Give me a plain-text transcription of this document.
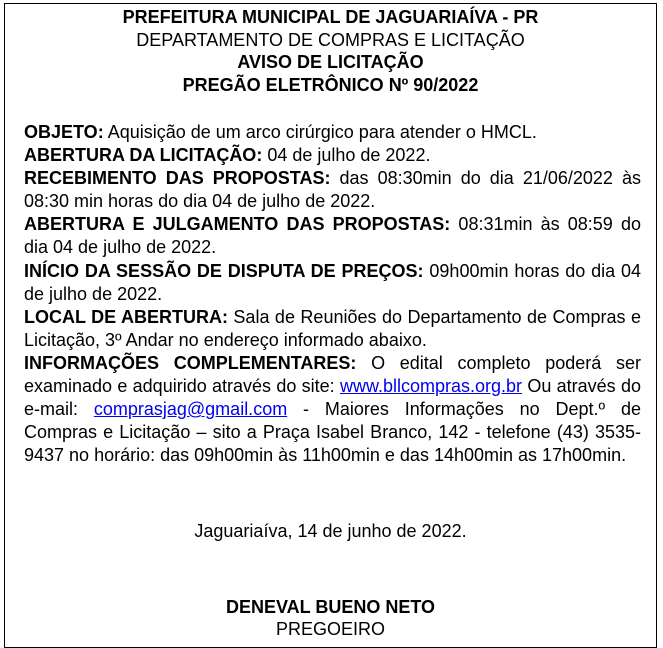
PREFEITURA MUNICIPAL DE JAGUARIAÍVA - PR
DEPARTAMENTO DE COMPRAS E LICITAÇÃO
AVISO DE LICITAÇÃO
PREGÃO ELETRÔNICO Nº 90/2022

OBJETO: Aquisição de um arco cirúrgico para atender o HMCL.

ABERTURA DA LICITAÇÃO: 04 de julho de 2022.

RECEBIMENTO DAS PROPOSTAS: das 08:30min do dia 21/06/2022 às 08:30 min horas do dia 04 de julho de 2022.

ABERTURA E JULGAMENTO DAS PROPOSTAS: 08:31min às 08:59 do dia 04 de julho de 2022.

INÍCIO DA SESSÃO DE DISPUTA DE PREÇOS: 09h00min horas do dia 04 de julho de 2022.

LOCAL DE ABERTURA: Sala de Reuniões do Departamento de Compras e Licitação, 3º Andar no endereço informado abaixo.

INFORMAÇÕES COMPLEMENTARES: O edital completo poderá ser examinado e adquirido através do site: www.bllcompras.org.br Ou através do e-mail: comprasjag@gmail.com - Maiores Informações no Dept.º de Compras e Licitação – sito a Praça Isabel Branco, 142 - telefone (43) 3535-9437 no horário: das 09h00min às 11h00min e das 14h00min as 17h00min.

Jaguariaíva, 14 de junho de 2022.
DENEVAL BUENO NETO
PREGOEIRO
